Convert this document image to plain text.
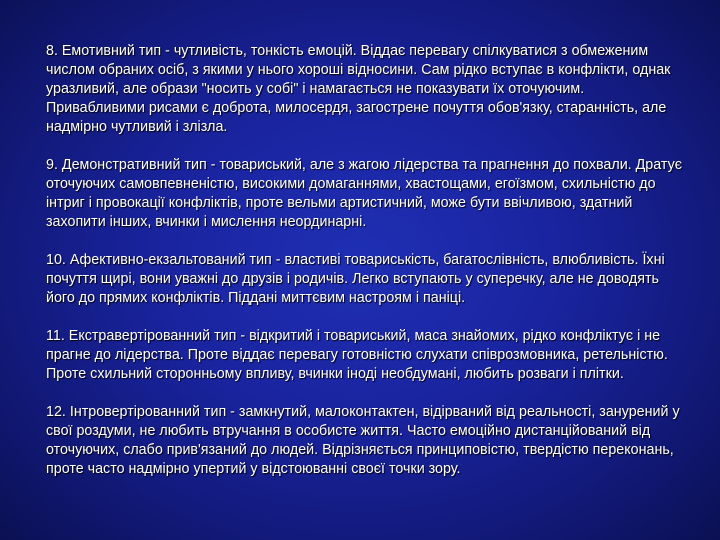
8. Емотивний тип - чутливість, тонкість емоцій. Віддає перевагу спілкуватися з обмеженим числом обраних осіб, з якими у нього хороші відносини. Сам рідко вступає в конфлікти, однак уразливий, але образи "носить у собі" і намагається не показувати їх оточуючим. Привабливими рисами є доброта, милосердя, загострене почуття обов'язку, старанність, але надмірно чутливий і злізла.

9. Демонстративний тип - товариський, але з жагою лідерства та прагнення до похвали. Дратує оточуючих самовпевненістю, високими домаганнями, хвастощами, егоїзмом, схильністю до інтриг і провокації конфліктів, проте вельми артистичний, може бути ввічливою, здатний захопити інших, вчинки і мислення неординарні.

10. Афективно-екзальтований тип - властиві товариськість, багатослівність, влюбливість. Їхні почуття щирі, вони уважні до друзів і родичів. Легко вступають у суперечку, але не доводять його до прямих конфліктів. Піддані миттєвим настроям і паніці.

11. Екстравертірованний тип - відкритий і товариський, маса знайомих, рідко конфліктує і не прагне до лідерства. Проте віддає перевагу готовністю слухати співрозмовника, ретельністю. Проте схильний сторонньому впливу, вчинки іноді необдумані, любить розваги і плітки.

12. Інтровертірованний тип - замкнутий, малоконтактен, відірваний від реальності, занурений у свої роздуми, не любить втручання в особисте життя. Часто емоційно дистанційований від оточуючих, слабо прив'язаний до людей. Відрізняється принциповістю, твердістю переконань, проте часто надмірно упертий у відстоюванні своєї точки зору.
